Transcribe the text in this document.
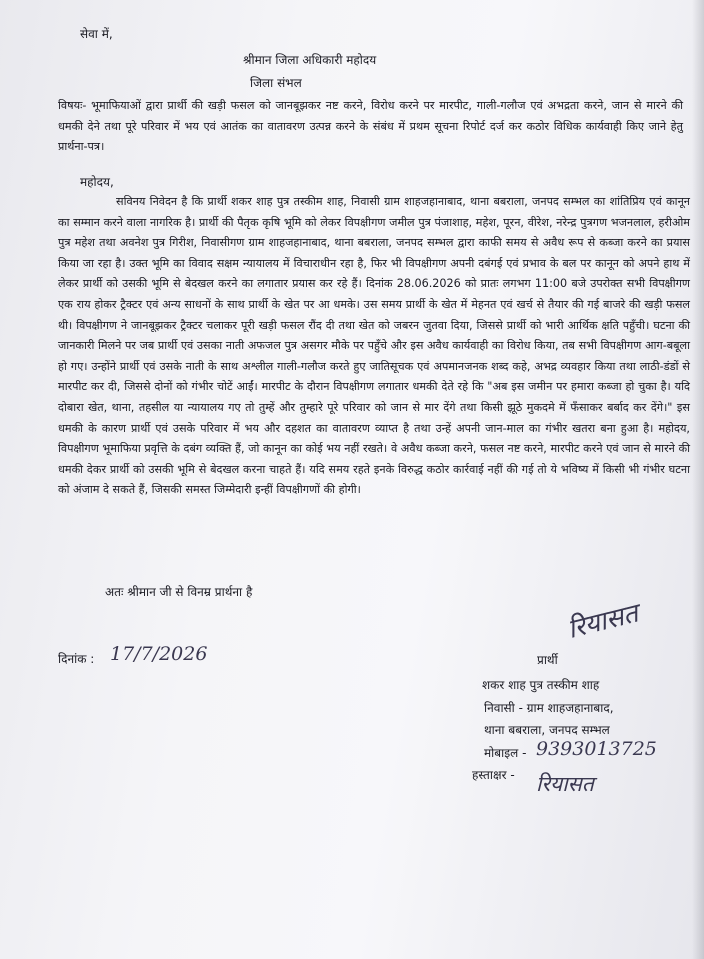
सेवा में,
श्रीमान जिला अधिकारी महोदय
जिला संभल
विषयः- भूमाफियाओं द्वारा प्रार्थी की खड़ी फसल को जानबूझकर नष्ट करने, विरोध करने पर मारपीट, गाली-गलौज एवं अभद्रता करने, जान से मारने की धमकी देने तथा पूरे परिवार में भय एवं आतंक का वातावरण उत्पन्न करने के संबंध में प्रथम सूचना रिपोर्ट दर्ज कर कठोर विधिक कार्यवाही किए जाने हेतु प्रार्थना-पत्र।
महोदय,
सविनय निवेदन है कि प्रार्थी शकर शाह पुत्र तस्कीम शाह, निवासी ग्राम शाहजहानाबाद, थाना बबराला, जनपद सम्भल का शांतिप्रिय एवं कानून का सम्मान करने वाला नागरिक है। प्रार्थी की पैतृक कृषि भूमि को लेकर विपक्षीगण जमील पुत्र पंजाशाह, महेश, पूरन, वीरेश, नरेन्द्र पुत्रगण भजनलाल, हरीओम पुत्र महेश तथा अवनेश पुत्र गिरीश, निवासीगण ग्राम शाहजहानाबाद, थाना बबराला, जनपद सम्भल द्वारा काफी समय से अवैध रूप से कब्जा करने का प्रयास किया जा रहा है। उक्त भूमि का विवाद सक्षम न्यायालय में विचाराधीन रहा है, फिर भी विपक्षीगण अपनी दबंगई एवं प्रभाव के बल पर कानून को अपने हाथ में लेकर प्रार्थी को उसकी भूमि से बेदखल करने का लगातार प्रयास कर रहे हैं। दिनांक 28.06.2026 को प्रातः लगभग 11:00 बजे उपरोक्त सभी विपक्षीगण एक राय होकर ट्रैक्टर एवं अन्य साधनों के साथ प्रार्थी के खेत पर आ धमके। उस समय प्रार्थी के खेत में मेहनत एवं खर्च से तैयार की गई बाजरे की खड़ी फसल थी। विपक्षीगण ने जानबूझकर ट्रैक्टर चलाकर पूरी खड़ी फसल रौंद दी तथा खेत को जबरन जुतवा दिया, जिससे प्रार्थी को भारी आर्थिक क्षति पहुँची। घटना की जानकारी मिलने पर जब प्रार्थी एवं उसका नाती अफजल पुत्र असगर मौके पर पहुँचे और इस अवैध कार्यवाही का विरोध किया, तब सभी विपक्षीगण आग-बबूला हो गए। उन्होंने प्रार्थी एवं उसके नाती के साथ अश्लील गाली-गलौज करते हुए जातिसूचक एवं अपमानजनक शब्द कहे, अभद्र व्यवहार किया तथा लाठी-डंडों से मारपीट कर दी, जिससे दोनों को गंभीर चोटें आईं। मारपीट के दौरान विपक्षीगण लगातार धमकी देते रहे कि "अब इस जमीन पर हमारा कब्जा हो चुका है। यदि दोबारा खेत, थाना, तहसील या न्यायालय गए तो तुम्हें और तुम्हारे पूरे परिवार को जान से मार देंगे तथा किसी झूठे मुकदमे में फँसाकर बर्बाद कर देंगे।" इस धमकी के कारण प्रार्थी एवं उसके परिवार में भय और दहशत का वातावरण व्याप्त है तथा उन्हें अपनी जान-माल का गंभीर खतरा बना हुआ है। महोदय, विपक्षीगण भूमाफिया प्रवृत्ति के दबंग व्यक्ति हैं, जो कानून का कोई भय नहीं रखते। वे अवैध कब्जा करने, फसल नष्ट करने, मारपीट करने एवं जान से मारने की धमकी देकर प्रार्थी को उसकी भूमि से बेदखल करना चाहते हैं। यदि समय रहते इनके विरुद्ध कठोर कार्रवाई नहीं की गई तो ये भविष्य में किसी भी गंभीर घटना को अंजाम दे सकते हैं, जिसकी समस्त जिम्मेदारी इन्हीं विपक्षीगणों की होगी।
अतः श्रीमान जी से विनम्र प्रार्थना है
दिनांक : 17/7/2026	प्रार्थी
रियासत
शकर शाह पुत्र तस्कीम शाह
निवासी - ग्राम शाहजहानाबाद,
थाना बबराला, जनपद सम्भल
मोबाइल - 9393013725
हस्ताक्षर - रियासत
